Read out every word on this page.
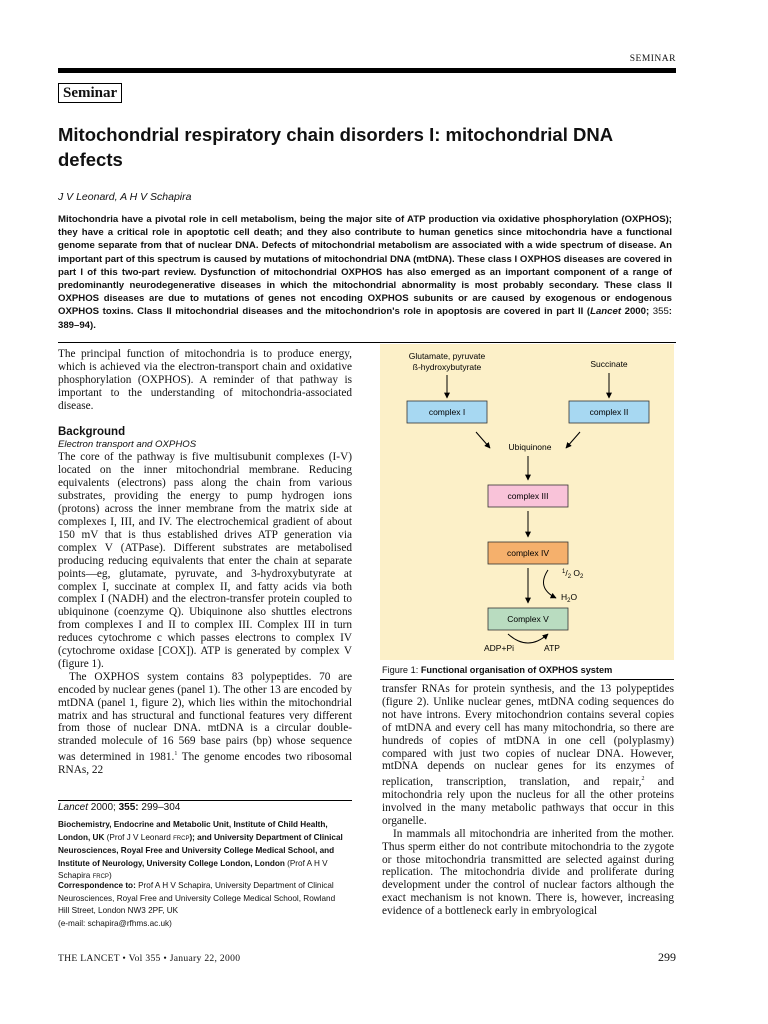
SEMINAR
Seminar
Mitochondrial respiratory chain disorders I: mitochondrial DNA defects
J V Leonard, A H V Schapira
Mitochondria have a pivotal role in cell metabolism, being the major site of ATP production via oxidative phosphorylation (OXPHOS); they have a critical role in apoptotic cell death; and they also contribute to human genetics since mitochondria have a functional genome separate from that of nuclear DNA. Defects of mitochondrial metabolism are associated with a wide spectrum of disease. An important part of this spectrum is caused by mutations of mitochondrial DNA (mtDNA). These class I OXPHOS diseases are covered in part I of this two-part review. Dysfunction of mitochondrial OXPHOS has also emerged as an important component of a range of predominantly neurodegenerative diseases in which the mitochondrial abnormality is most probably secondary. These class II OXPHOS diseases are due to mutations of genes not encoding OXPHOS subunits or are caused by exogenous or endogenous OXPHOS toxins. Class II mitochondrial diseases and the mitochondrion's role in apoptosis are covered in part II (Lancet 2000; 355: 389–94).

The principal function of mitochondria is to produce energy, which is achieved via the electron-transport chain and oxidative phosphorylation (OXPHOS). A reminder of that pathway is important to the understanding of mitochondria-associated disease.

Background
Electron transport and OXPHOS

The core of the pathway is five multisubunit complexes (I-V) located on the inner mitochondrial membrane. Reducing equivalents (electrons) pass along the chain from various substrates, providing the energy to pump hydrogen ions (protons) across the inner membrane from the matrix side at complexes I, III, and IV. The electrochemical gradient of about 150 mV that is thus established drives ATP generation via complex V (ATPase). Different substrates are metabolised producing reducing equivalents that enter the chain at separate points—eg, glutamate, pyruvate, and 3-hydroxybutyrate at complex I, succinate at complex II, and fatty acids via both complex I (NADH) and the electron-transfer protein coupled to ubiquinone (coenzyme Q). Ubiquinone also shuttles electrons from complexes I and II to complex III. Complex III in turn reduces cytochrome c which passes electrons to complex IV (cytochrome oxidase [COX]). ATP is generated by complex V (figure 1).

The OXPHOS system contains 83 polypeptides. 70 are encoded by nuclear genes (panel 1). The other 13 are encoded by mtDNA (panel 1, figure 2), which lies within the mitochondrial matrix and has structural and functional features very different from those of nuclear DNA. mtDNA is a circular double-stranded molecule of 16 569 base pairs (bp) whose sequence was determined in 1981.$^1$ The genome encodes two ribosomal RNAs, 22

Lancet 2000; 355: 299–304
Biochemistry, Endocrine and Metabolic Unit, Institute of Child Health, London, UK (Prof J V Leonard FRCP); and University Department of Clinical Neurosciences, Royal Free and University College Medical School, and Institute of Neurology, University College London, London (Prof A H V Schapira FRCP)
Correspondence to: Prof A H V Schapira, University Department of Clinical Neurosciences, Royal Free and University College Medical School, Rowland Hill Street, London NW3 2PF, UK
(e-mail: schapira@rfhms.ac.uk)
Glutamate, pyruvate
ß-hydroxybutyrate	Succinate
complex I	complex II
Ubiquinone
complex III
complex IV
Complex V
$^1/_2$ $O_2$
$H_2O$
ADP+Pi	ATP
Figure 1: Functional organisation of OXPHOS system

transfer RNAs for protein synthesis, and the 13 polypeptides (figure 2). Unlike nuclear genes, mtDNA coding sequences do not have introns. Every mitochondrion contains several copies of mtDNA and every cell has many mitochondria, so there are hundreds of copies of mtDNA in one cell (polyplasmy) compared with just two copies of nuclear DNA. However, mtDNA depends on nuclear genes for its enzymes of replication, transcription, translation, and repair,$^2$ and mitochondria rely upon the nucleus for all the other proteins involved in the many metabolic pathways that occur in this organelle.

In mammals all mitochondria are inherited from the mother. Thus sperm either do not contribute mitochondria to the zygote or those mitochondria transmitted are selected against during replication. The mitochondria divide and proliferate during development under the control of nuclear factors although the exact mechanism is not known. There is, however, increasing evidence of a bottleneck early in embryological

THE LANCET • Vol 355 • January 22, 2000	299
